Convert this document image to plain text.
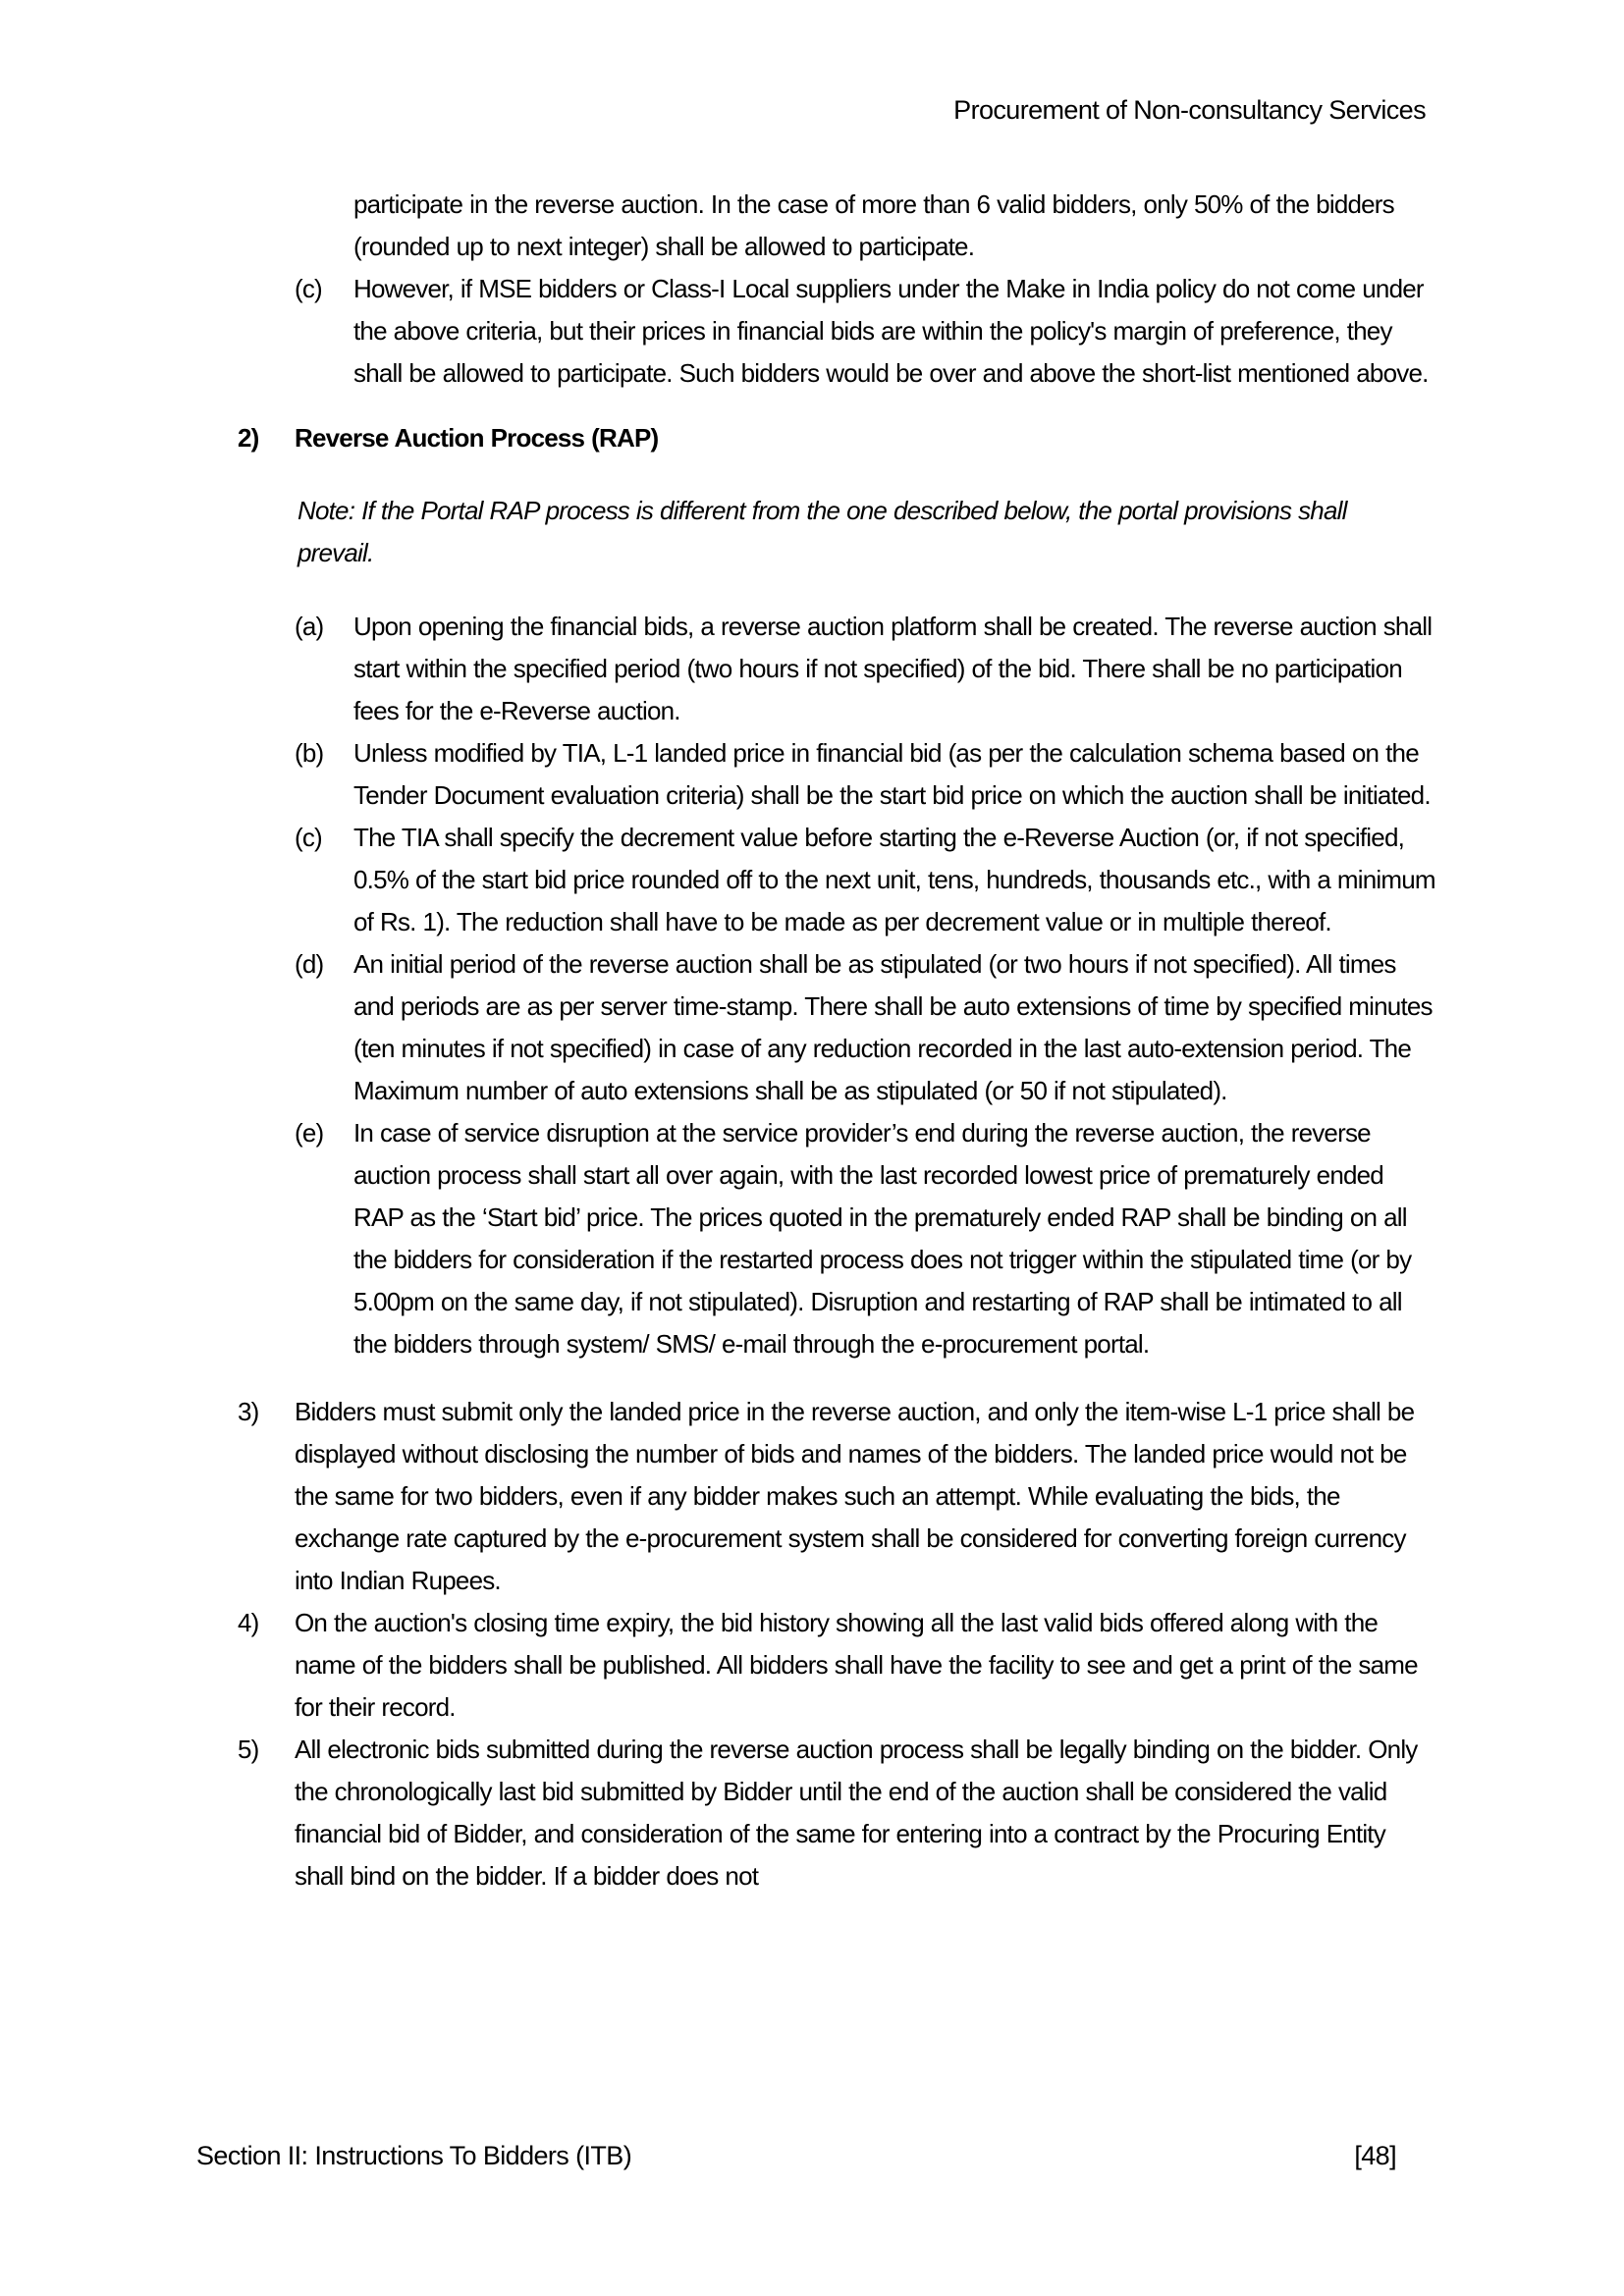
Procurement of Non-consultancy Services

participate in the reverse auction. In the case of more than 6 valid bidders, only 50% of the bidders (rounded up to next integer) shall be allowed to participate.

(c)	However, if MSE bidders or Class-I Local suppliers under the Make in India policy do not come under the above criteria, but their prices in financial bids are within the policy's margin of preference, they shall be allowed to participate. Such bidders would be over and above the short-list mentioned above.
2)	Reverse Auction Process (RAP)

Note: If the Portal RAP process is different from the one described below, the portal provisions shall prevail.

(a)	Upon opening the financial bids, a reverse auction platform shall be created. The reverse auction shall start within the specified period (two hours if not specified) of the bid. There shall be no participation fees for the e-Reverse auction.
(b)	Unless modified by TIA, L-1 landed price in financial bid (as per the calculation schema based on the Tender Document evaluation criteria) shall be the start bid price on which the auction shall be initiated.
(c)	The TIA shall specify the decrement value before starting the e-Reverse Auction (or, if not specified, 0.5% of the start bid price rounded off to the next unit, tens, hundreds, thousands etc., with a minimum of Rs. 1). The reduction shall have to be made as per decrement value or in multiple thereof.
(d)	An initial period of the reverse auction shall be as stipulated (or two hours if not specified). All times and periods are as per server time-stamp. There shall be auto extensions of time by specified minutes (ten minutes if not specified) in case of any reduction recorded in the last auto-extension period. The Maximum number of auto extensions shall be as stipulated (or 50 if not stipulated).
(e)	In case of service disruption at the service provider’s end during the reverse auction, the reverse auction process shall start all over again, with the last recorded lowest price of prematurely ended RAP as the ‘Start bid’ price. The prices quoted in the prematurely ended RAP shall be binding on all the bidders for consideration if the restarted process does not trigger within the stipulated time (or by 5.00pm on the same day, if not stipulated). Disruption and restarting of RAP shall be intimated to all the bidders through system/ SMS/ e-mail through the e-procurement portal.
3)	Bidders must submit only the landed price in the reverse auction, and only the item-wise L-1 price shall be displayed without disclosing the number of bids and names of the bidders. The landed price would not be the same for two bidders, even if any bidder makes such an attempt. While evaluating the bids, the exchange rate captured by the e-procurement system shall be considered for converting foreign currency into Indian Rupees.
4)	On the auction's closing time expiry, the bid history showing all the last valid bids offered along with the name of the bidders shall be published. All bidders shall have the facility to see and get a print of the same for their record.
5)	All electronic bids submitted during the reverse auction process shall be legally binding on the bidder. Only the chronologically last bid submitted by Bidder until the end of the auction shall be considered the valid financial bid of Bidder, and consideration of the same for entering into a contract by the Procuring Entity shall bind on the bidder. If a bidder does not
Section II: Instructions To Bidders (ITB)	[48]
